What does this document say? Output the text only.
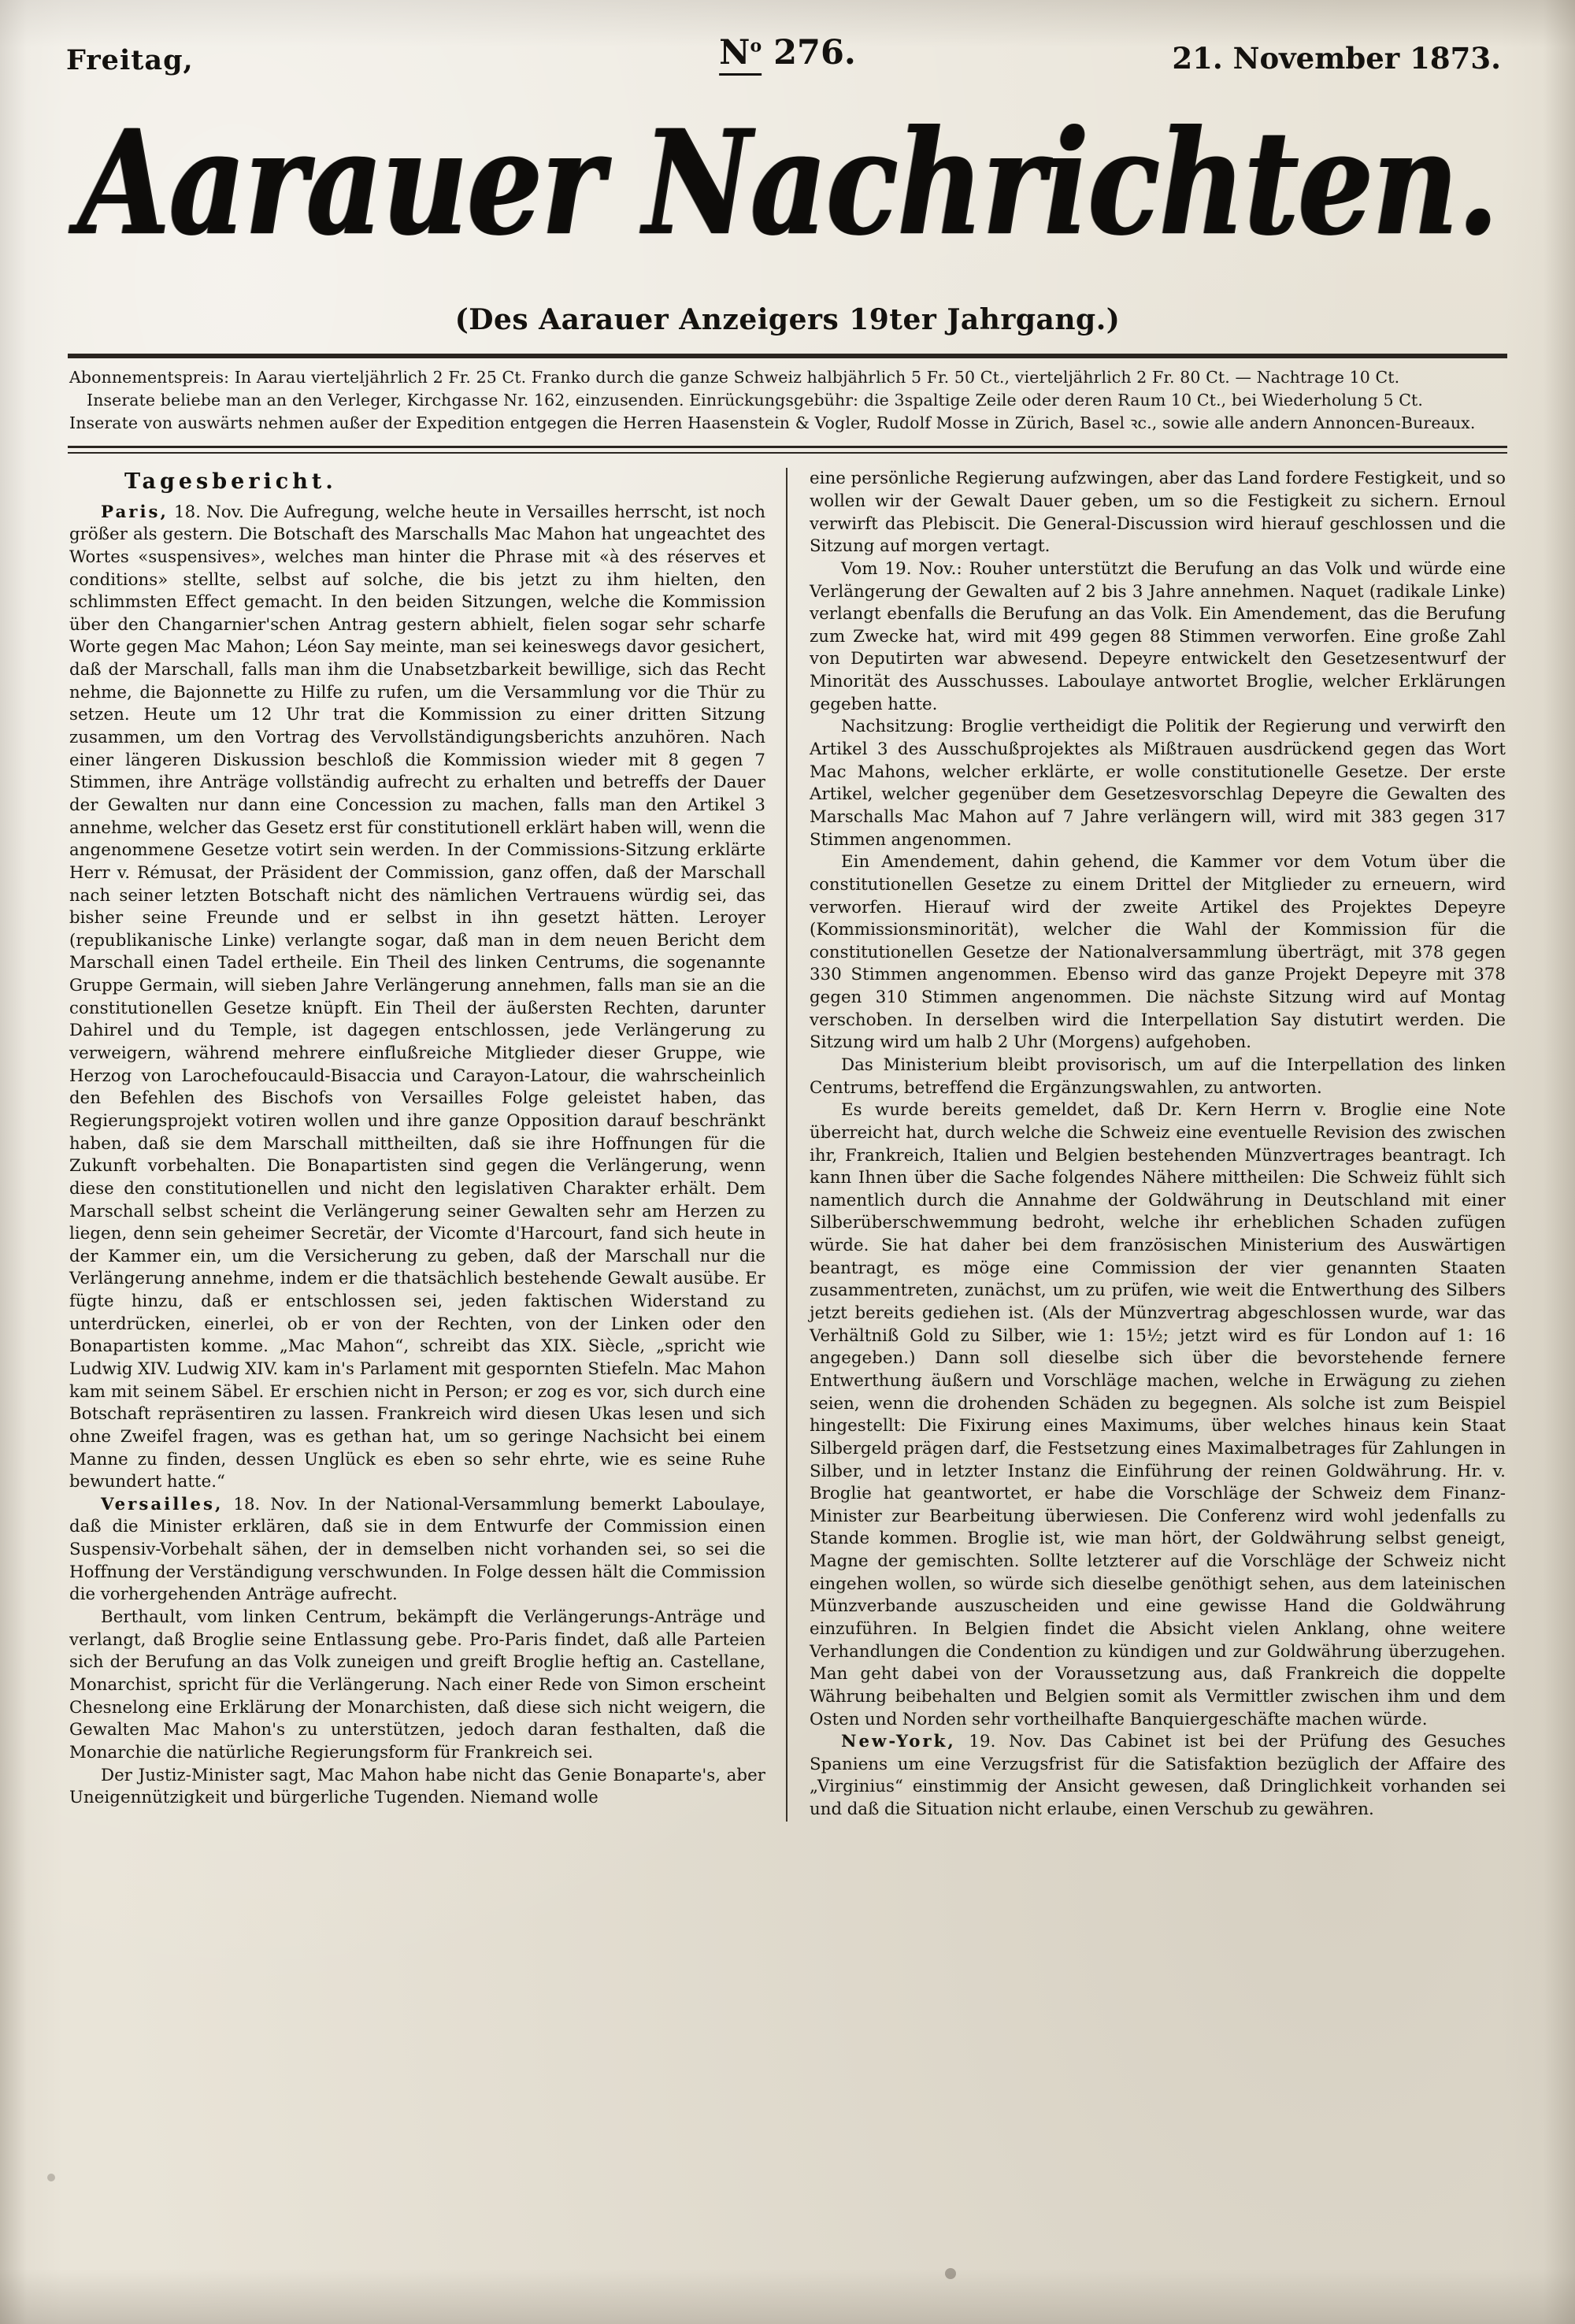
Freitag,	$N^o$ 276.	21. November 1873.
Aarauer Nachrichten.
(Des Aarauer Anzeigers 19ter Jahrgang.)
Abonnementspreis: In Aarau vierteljährlich 2 Fr. 25 Ct. Franko durch die ganze Schweiz halbjährlich 5 Fr. 50 Ct., vierteljährlich 2 Fr. 80 Ct. — Nachtrage 10 Ct.
Inserate beliebe man an den Verleger, Kirchgasse Nr. 162, einzusenden. Einrückungsgebühr: die 3spaltige Zeile oder deren Raum 10 Ct., bei Wiederholung 5 Ct.
Inserate von auswärts nehmen außer der Expedition entgegen die Herren Haasenstein & Vogler, Rudolf Mosse in Zürich, Basel ꝛc., sowie alle andern Annoncen-Bureaux.
Tagesbericht.

Paris, 18. Nov. Die Aufregung, welche heute in Versailles herrscht, ist noch größer als gestern. Die Botschaft des Marschalls Mac Mahon hat ungeachtet des Wortes «suspensives», welches man hinter die Phrase mit «à des réserves et conditions» stellte, selbst auf solche, die bis jetzt zu ihm hielten, den schlimmsten Effect gemacht. In den beiden Sitzungen, welche die Kommission über den Changarnier'schen Antrag gestern abhielt, fielen sogar sehr scharfe Worte gegen Mac Mahon; Léon Say meinte, man sei keineswegs davor gesichert, daß der Marschall, falls man ihm die Unabsetzbarkeit bewillige, sich das Recht nehme, die Bajonnette zu Hilfe zu rufen, um die Versammlung vor die Thür zu setzen. Heute um 12 Uhr trat die Kommission zu einer dritten Sitzung zusammen, um den Vortrag des Vervollständigungsberichts anzuhören. Nach einer längeren Diskussion beschloß die Kommission wieder mit 8 gegen 7 Stimmen, ihre Anträge vollständig aufrecht zu erhalten und betreffs der Dauer der Gewalten nur dann eine Concession zu machen, falls man den Artikel 3 annehme, welcher das Gesetz erst für constitutionell erklärt haben will, wenn die angenommene Gesetze votirt sein werden. In der Commissions-Sitzung erklärte Herr v. Rémusat, der Präsident der Commission, ganz offen, daß der Marschall nach seiner letzten Botschaft nicht des nämlichen Vertrauens würdig sei, das bisher seine Freunde und er selbst in ihn gesetzt hätten. Leroyer (republikanische Linke) verlangte sogar, daß man in dem neuen Bericht dem Marschall einen Tadel ertheile. Ein Theil des linken Centrums, die sogenannte Gruppe Germain, will sieben Jahre Verlängerung annehmen, falls man sie an die constitutionellen Gesetze knüpft. Ein Theil der äußersten Rechten, darunter Dahirel und du Temple, ist dagegen entschlossen, jede Verlängerung zu verweigern, während mehrere einflußreiche Mitglieder dieser Gruppe, wie Herzog von Larochefoucauld-Bisaccia und Carayon-Latour, die wahrscheinlich den Befehlen des Bischofs von Versailles Folge geleistet haben, das Regierungsprojekt votiren wollen und ihre ganze Opposition darauf beschränkt haben, daß sie dem Marschall mittheilten, daß sie ihre Hoffnungen für die Zukunft vorbehalten. Die Bonapartisten sind gegen die Verlängerung, wenn diese den constitutionellen und nicht den legislativen Charakter erhält. Dem Marschall selbst scheint die Verlängerung seiner Gewalten sehr am Herzen zu liegen, denn sein geheimer Secretär, der Vicomte d'Harcourt, fand sich heute in der Kammer ein, um die Versicherung zu geben, daß der Marschall nur die Verlängerung annehme, indem er die thatsächlich bestehende Gewalt ausübe. Er fügte hinzu, daß er entschlossen sei, jeden faktischen Widerstand zu unterdrücken, einerlei, ob er von der Rechten, von der Linken oder den Bonapartisten komme. „Mac Mahon“, schreibt das XIX. Siècle, „spricht wie Ludwig XIV. Ludwig XIV. kam in's Parlament mit gespornten Stiefeln. Mac Mahon kam mit seinem Säbel. Er erschien nicht in Person; er zog es vor, sich durch eine Botschaft repräsentiren zu lassen. Frankreich wird diesen Ukas lesen und sich ohne Zweifel fragen, was es gethan hat, um so geringe Nachsicht bei einem Manne zu finden, dessen Unglück es eben so sehr ehrte, wie es seine Ruhe bewundert hatte.“

Versailles, 18. Nov. In der National-Versammlung bemerkt Laboulaye, daß die Minister erklären, daß sie in dem Entwurfe der Commission einen Suspensiv-Vorbehalt sähen, der in demselben nicht vorhanden sei, so sei die Hoffnung der Verständigung verschwunden. In Folge dessen hält die Commission die vorhergehenden Anträge aufrecht.

Berthault, vom linken Centrum, bekämpft die Verlängerungs-Anträge und verlangt, daß Broglie seine Entlassung gebe. Pro-Paris findet, daß alle Parteien sich der Berufung an das Volk zuneigen und greift Broglie heftig an. Castellane, Monarchist, spricht für die Verlängerung. Nach einer Rede von Simon erscheint Chesnelong eine Erklärung der Monarchisten, daß diese sich nicht weigern, die Gewalten Mac Mahon's zu unterstützen, jedoch daran festhalten, daß die Monarchie die natürliche Regierungsform für Frankreich sei.

Der Justiz-Minister sagt, Mac Mahon habe nicht das Genie Bonaparte's, aber Uneigennützigkeit und bürgerliche Tugenden. Niemand wolle

eine persönliche Regierung aufzwingen, aber das Land fordere Festigkeit, und so wollen wir der Gewalt Dauer geben, um so die Festigkeit zu sichern. Ernoul verwirft das Plebiscit. Die General-Discussion wird hierauf geschlossen und die Sitzung auf morgen vertagt.

Vom 19. Nov.: Rouher unterstützt die Berufung an das Volk und würde eine Verlängerung der Gewalten auf 2 bis 3 Jahre annehmen. Naquet (radikale Linke) verlangt ebenfalls die Berufung an das Volk. Ein Amendement, das die Berufung zum Zwecke hat, wird mit 499 gegen 88 Stimmen verworfen. Eine große Zahl von Deputirten war abwesend. Depeyre entwickelt den Gesetzesentwurf der Minorität des Ausschusses. Laboulaye antwortet Broglie, welcher Erklärungen gegeben hatte.

Nachsitzung: Broglie vertheidigt die Politik der Regierung und verwirft den Artikel 3 des Ausschußprojektes als Mißtrauen ausdrückend gegen das Wort Mac Mahons, welcher erklärte, er wolle constitutionelle Gesetze. Der erste Artikel, welcher gegenüber dem Gesetzesvorschlag Depeyre die Gewalten des Marschalls Mac Mahon auf 7 Jahre verlängern will, wird mit 383 gegen 317 Stimmen angenommen.

Ein Amendement, dahin gehend, die Kammer vor dem Votum über die constitutionellen Gesetze zu einem Drittel der Mitglieder zu erneuern, wird verworfen. Hierauf wird der zweite Artikel des Projektes Depeyre (Kommissionsminorität), welcher die Wahl der Kommission für die constitutionellen Gesetze der Nationalversammlung überträgt, mit 378 gegen 330 Stimmen angenommen. Ebenso wird das ganze Projekt Depeyre mit 378 gegen 310 Stimmen angenommen. Die nächste Sitzung wird auf Montag verschoben. In derselben wird die Interpellation Say distutirt werden. Die Sitzung wird um halb 2 Uhr (Morgens) aufgehoben.

Das Ministerium bleibt provisorisch, um auf die Interpellation des linken Centrums, betreffend die Ergänzungswahlen, zu antworten.

Es wurde bereits gemeldet, daß Dr. Kern Herrn v. Broglie eine Note überreicht hat, durch welche die Schweiz eine eventuelle Revision des zwischen ihr, Frankreich, Italien und Belgien bestehenden Münzvertrages beantragt. Ich kann Ihnen über die Sache folgendes Nähere mittheilen: Die Schweiz fühlt sich namentlich durch die Annahme der Goldwährung in Deutschland mit einer Silberüberschwemmung bedroht, welche ihr erheblichen Schaden zufügen würde. Sie hat daher bei dem französischen Ministerium des Auswärtigen beantragt, es möge eine Commission der vier genannten Staaten zusammentreten, zunächst, um zu prüfen, wie weit die Entwerthung des Silbers jetzt bereits gediehen ist. (Als der Münzvertrag abgeschlossen wurde, war das Verhältniß Gold zu Silber, wie 1: 15½; jetzt wird es für London auf 1: 16 angegeben.) Dann soll dieselbe sich über die bevorstehende fernere Entwerthung äußern und Vorschläge machen, welche in Erwägung zu ziehen seien, wenn die drohenden Schäden zu begegnen. Als solche ist zum Beispiel hingestellt: Die Fixirung eines Maximums, über welches hinaus kein Staat Silbergeld prägen darf, die Festsetzung eines Maximalbetrages für Zahlungen in Silber, und in letzter Instanz die Einführung der reinen Goldwährung. Hr. v. Broglie hat geantwortet, er habe die Vorschläge der Schweiz dem Finanz-Minister zur Bearbeitung überwiesen. Die Conferenz wird wohl jedenfalls zu Stande kommen. Broglie ist, wie man hört, der Goldwährung selbst geneigt, Magne der gemischten. Sollte letzterer auf die Vorschläge der Schweiz nicht eingehen wollen, so würde sich dieselbe genöthigt sehen, aus dem lateinischen Münzverbande auszuscheiden und eine gewisse Hand die Goldwährung einzuführen. In Belgien findet die Absicht vielen Anklang, ohne weitere Verhandlungen die Condention zu kündigen und zur Goldwährung überzugehen. Man geht dabei von der Voraussetzung aus, daß Frankreich die doppelte Währung beibehalten und Belgien somit als Vermittler zwischen ihm und dem Osten und Norden sehr vortheilhafte Banquiergeschäfte machen würde.

New-York, 19. Nov. Das Cabinet ist bei der Prüfung des Gesuches Spaniens um eine Verzugsfrist für die Satisfaktion bezüglich der Affaire des „Virginius“ einstimmig der Ansicht gewesen, daß Dringlichkeit vorhanden sei und daß die Situation nicht erlaube, einen Verschub zu gewähren.
